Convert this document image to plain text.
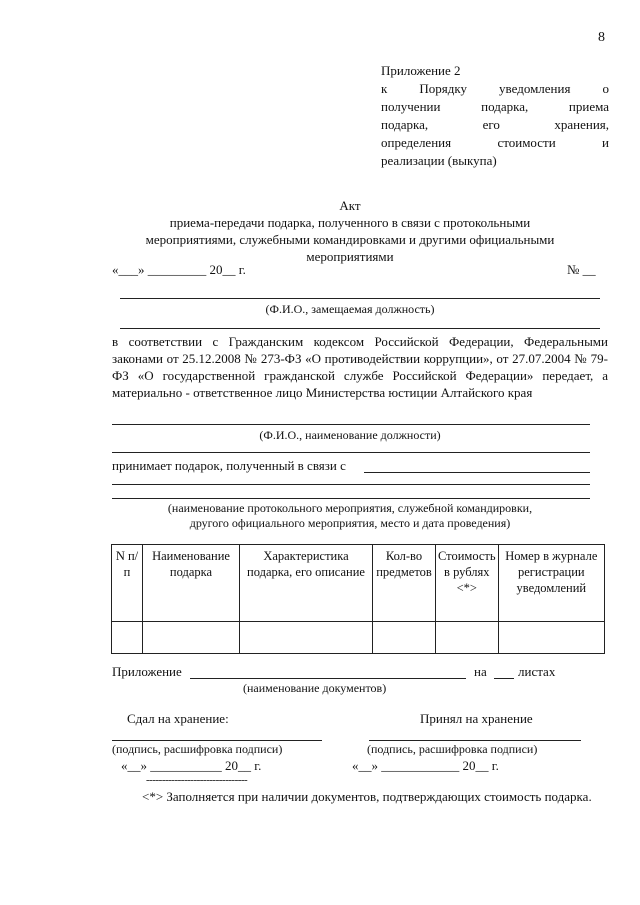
8
Приложение 2
к Порядку уведомления о
получении	подарка,	приема
подарка,	его	хранения,
определения	стоимости	и
реализации (выкупа)
Акт
приема-передачи подарка, полученного в связи с протокольными
мероприятиями, служебными командировками и другими официальными
мероприятиями
«___» _________ 20__ г.	№ __
(Ф.И.О., замещаемая должность)
в соответствии с Гражданским кодексом Российской Федерации, Федеральными законами от 25.12.2008 № 273-ФЗ «О противодействии коррупции», от 27.07.2004 № 79-ФЗ «О государственной гражданской службе Российской Федерации» передает, а материально - ответственное лицо Министерства юстиции Алтайского края
(Ф.И.О., наименование должности)
принимает подарок, полученный в связи с
(наименование протокольного мероприятия, служебной командировки,
другого официального мероприятия, место и дата проведения)
N п/п	Наименование подарка	Характеристика подарка, его описание	Кол-во предметов	Стоимость в рублях <*>	Номер в журнале регистрации уведомлений

Приложение	на листах
(наименование документов)
Сдал на хранение:	Принял на хранение
(подпись, расшифровка подписи)	(подпись, расшифровка подписи)
«__» ___________ 20__ г.	«__» ____________ 20__ г.
--------------------------------
<*> Заполняется при наличии документов, подтверждающих стоимость подарка.
